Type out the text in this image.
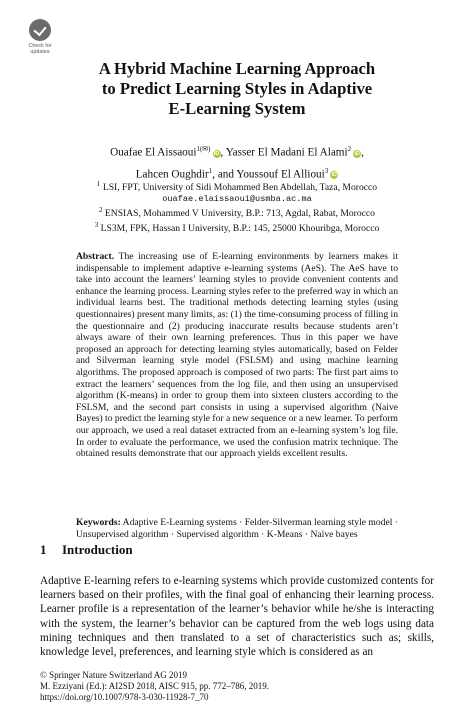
Check for
updates
A Hybrid Machine Learning Approach
to Predict Learning Styles in Adaptive
E-Learning System
Ouafae El Aissaoui$^{1(✉)}$iD, Yasser El Madani El Alami$^2$iD,
Lahcen Oughdir$^1$, and Youssouf El Allioui$^3$iD
$^1$ LSI, FPT, University of Sidi Mohammed Ben Abdellah, Taza, Morocco
ouafae.elaissaoui@usmba.ac.ma
$^2$ ENSIAS, Mohammed V University, B.P.: 713, Agdal, Rabat, Morocco
$^3$ LS3M, FPK, Hassan I University, B.P.: 145, 25000 Khouribga, Morocco

Abstract. The increasing use of E-learning environments by learners makes it indispensable to implement adaptive e-learning systems (AeS). The AeS have to take into account the learners’ learning styles to provide convenient contents and enhance the learning process. Learning styles refer to the preferred way in which an individual learns best. The traditional methods detecting learning styles (using questionnaires) present many limits, as: (1) the time-consuming process of filling in the questionnaire and (2) producing inaccurate results because students aren’t always aware of their own learning preferences. Thus in this paper we have proposed an approach for detecting learning styles automatically, based on Felder and Silverman learning style model (FSLSM) and using machine learning algorithms. The proposed approach is composed of two parts: The first part aims to extract the learners’ sequences from the log file, and then using an unsupervised algorithm (K-means) in order to group them into sixteen clusters according to the FSLSM, and the second part consists in using a supervised algorithm (Naive Bayes) to predict the learning style for a new sequence or a new learner. To perform our approach, we used a real dataset extracted from an e-learning system’s log file. In order to evaluate the performance, we used the confusion matrix technique. The obtained results demonstrate that our approach yields excellent results.

Keywords: Adaptive E-Learning systems · Felder-Silverman learning style model · Unsupervised algorithm · Supervised algorithm · K-Means · Naïve bayes

1 Introduction

Adaptive E-learning refers to e-learning systems which provide customized contents for learners based on their profiles, with the final goal of enhancing their learning process. Learner profile is a representation of the learner’s behavior while he/she is interacting with the system, the learner’s behavior can be captured from the web logs using data mining techniques and then translated to a set of characteristics such as; skills, knowledge level, preferences, and learning style which is considered as an

© Springer Nature Switzerland AG 2019
M. Ezziyani (Ed.): AI2SD 2018, AISC 915, pp. 772–786, 2019.
https://doi.org/10.1007/978-3-030-11928-7_70
